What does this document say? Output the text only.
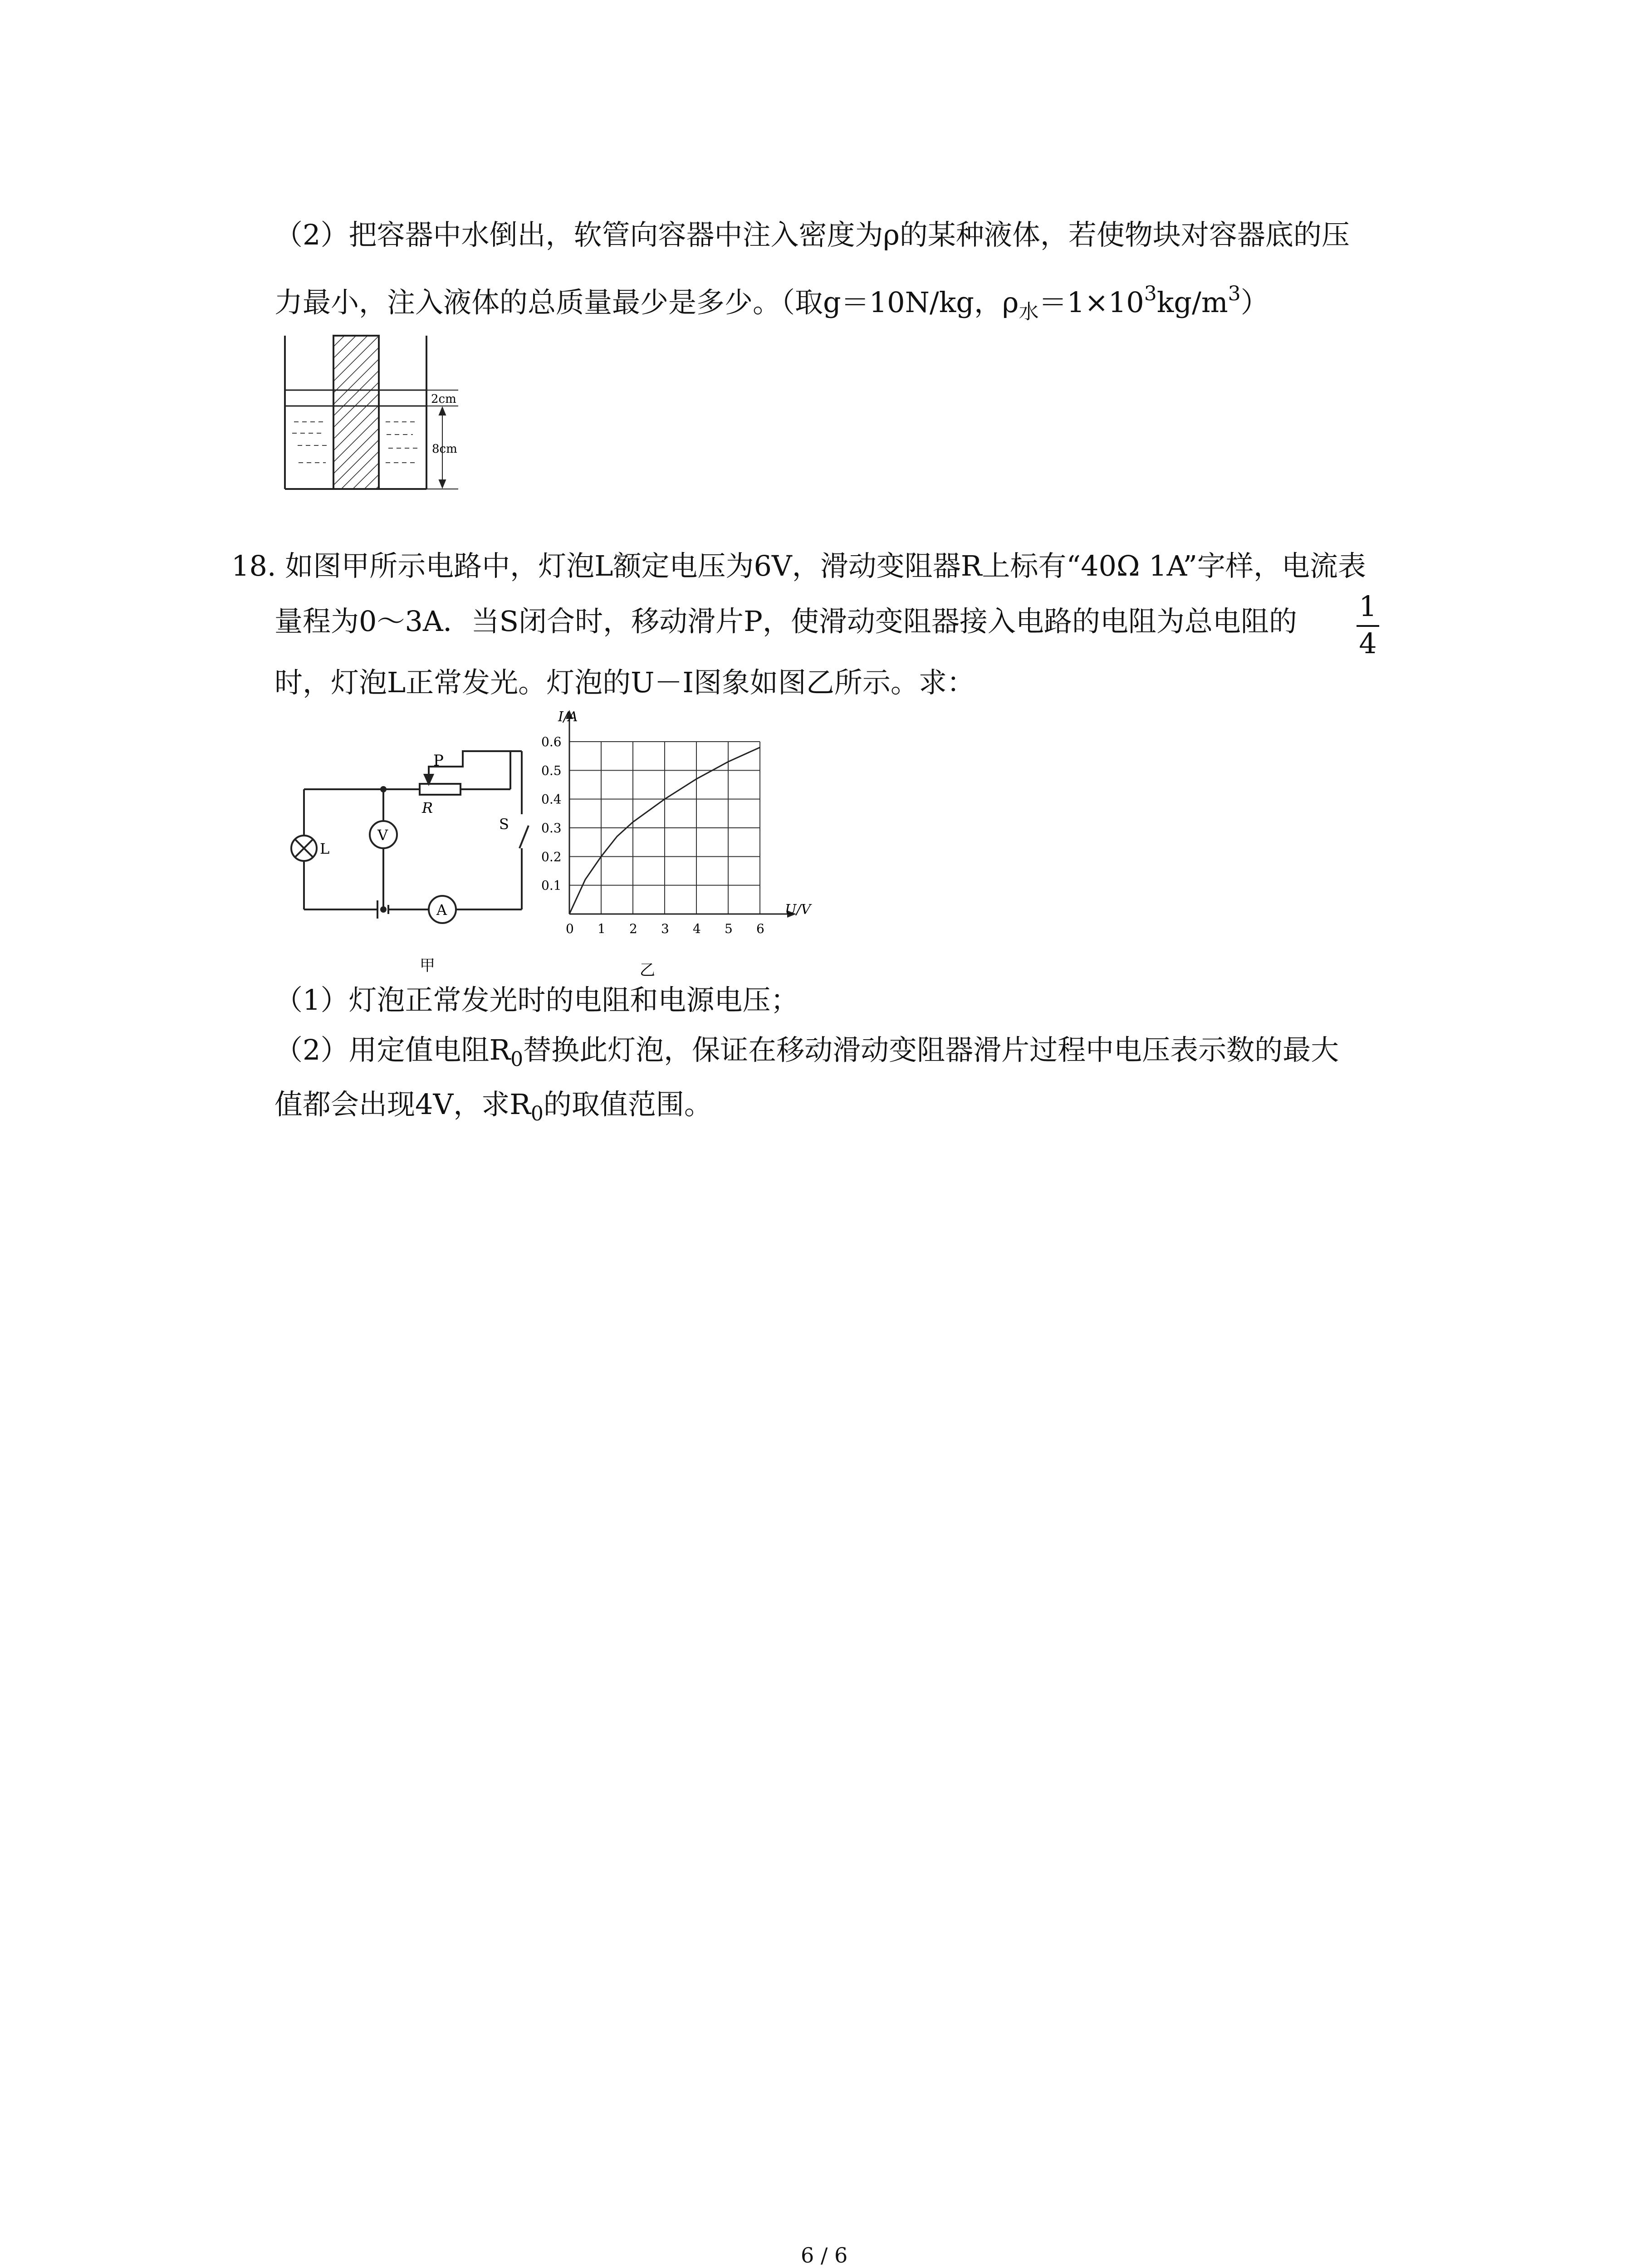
（2）把容器中水倒出，软管向容器中注入密度为ρ的某种液体，若使物块对容器底的压
力最小，注入液体的总质量最少是多少。（取g＝10N/kg，$\rho_水=1\times 10^3kg/m^3$）
2cm
8cm
18. 如图甲所示电路中，灯泡L额定电压为6V，滑动变阻器R上标有“40Ω 1A”字样，电流表
量程为0～3A．当S闭合时，移动滑片P，使滑动变阻器接入电路的电阻为总电阻的 1
4
时，灯泡L正常发光。灯泡的U－I图象如图乙所示。求：
P
R
L
V
A
S
甲
0 1 2 3 4 5 6
0.1
0.2
0.3
0.4
0.5
0.6
I/A
U/V
乙
（1）灯泡正常发光时的电阻和电源电压；
（2）用定值电阻$R_0$替换此灯泡，保证在移动滑动变阻器滑片过程中电压表示数的最大
值都会出现4V，求$R_0$的取值范围。
6 / 6
